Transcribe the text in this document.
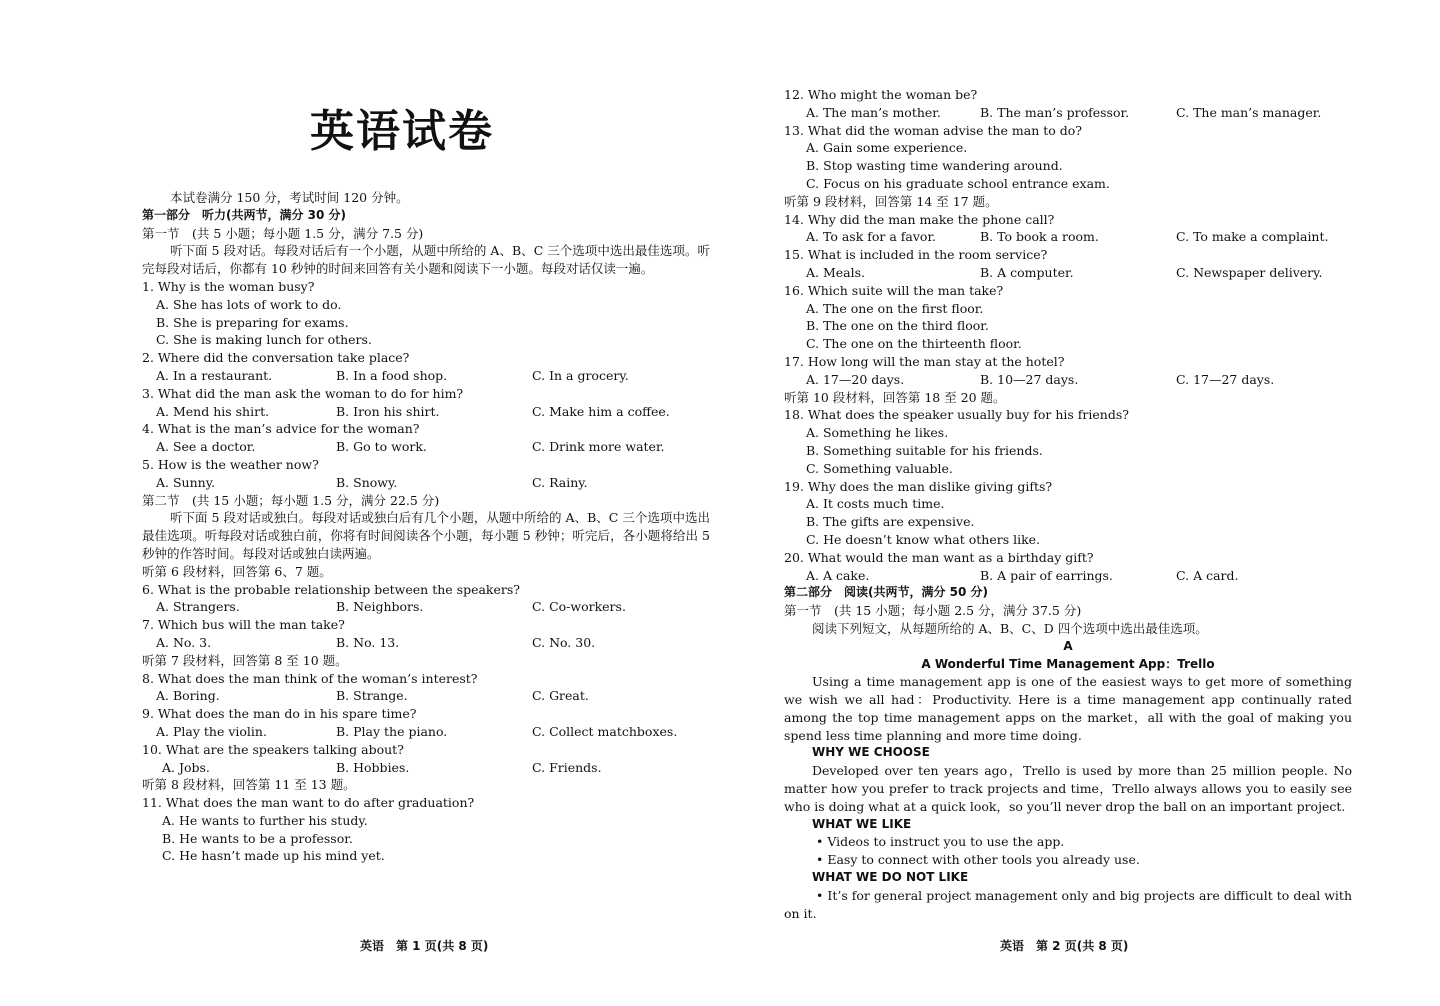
英语试卷
本试卷满分 150 分，考试时间 120 分钟。
第一部分　听力(共两节，满分 30 分)
第一节　(共 5 小题；每小题 1.5 分，满分 7.5 分)
听下面 5 段对话。每段对话后有一个小题，从题中所给的 A、B、C 三个选项中选出最佳选项。听完每段对话后，你都有 10 秒钟的时间来回答有关小题和阅读下一小题。每段对话仅读一遍。
1. Why is the woman busy?
A. She has lots of work to do.
B. She is preparing for exams.
C. She is making lunch for others.
2. Where did the conversation take place?
A. In a restaurant.	B. In a food shop.	C. In a grocery.
3. What did the man ask the woman to do for him?
A. Mend his shirt.	B. Iron his shirt.	C. Make him a coffee.
4. What is the man’s advice for the woman?
A. See a doctor.	B. Go to work.	C. Drink more water.
5. How is the weather now?
A. Sunny.	B. Snowy.	C. Rainy.
第二节　(共 15 小题；每小题 1.5 分，满分 22.5 分)
听下面 5 段对话或独白。每段对话或独白后有几个小题，从题中所给的 A、B、C 三个选项中选出最佳选项。听每段对话或独白前，你将有时间阅读各个小题，每小题 5 秒钟；听完后，各小题将给出 5 秒钟的作答时间。每段对话或独白读两遍。
听第 6 段材料，回答第 6、7 题。
6. What is the probable relationship between the speakers?
A. Strangers.	B. Neighbors.	C. Co-workers.
7. Which bus will the man take?
A. No. 3.	B. No. 13.	C. No. 30.
听第 7 段材料，回答第 8 至 10 题。
8. What does the man think of the woman’s interest?
A. Boring.	B. Strange.	C. Great.
9. What does the man do in his spare time?
A. Play the violin.	B. Play the piano.	C. Collect matchboxes.
10. What are the speakers talking about?
A. Jobs.	B. Hobbies.	C. Friends.
听第 8 段材料，回答第 11 至 13 题。
11. What does the man want to do after graduation?
A. He wants to further his study.
B. He wants to be a professor.
C. He hasn’t made up his mind yet.
英语　第 1 页(共 8 页)
12. Who might the woman be?
A. The man’s mother.	B. The man’s professor.	C. The man’s manager.
13. What did the woman advise the man to do?
A. Gain some experience.
B. Stop wasting time wandering around.
C. Focus on his graduate school entrance exam.
听第 9 段材料，回答第 14 至 17 题。
14. Why did the man make the phone call?
A. To ask for a favor.	B. To book a room.	C. To make a complaint.
15. What is included in the room service?
A. Meals.	B. A computer.	C. Newspaper delivery.
16. Which suite will the man take?
A. The one on the first floor.
B. The one on the third floor.
C. The one on the thirteenth floor.
17. How long will the man stay at the hotel?
A. 17—20 days.	B. 10—27 days.	C. 17—27 days.
听第 10 段材料，回答第 18 至 20 题。
18. What does the speaker usually buy for his friends?
A. Something he likes.
B. Something suitable for his friends.
C. Something valuable.
19. Why does the man dislike giving gifts?
A. It costs much time.
B. The gifts are expensive.
C. He doesn’t know what others like.
20. What would the man want as a birthday gift?
A. A cake.	B. A pair of earrings.	C. A card.
第二部分　阅读(共两节，满分 50 分)
第一节　(共 15 小题；每小题 2.5 分，满分 37.5 分)
阅读下列短文，从每题所给的 A、B、C、D 四个选项中选出最佳选项。
A
A Wonderful Time Management App：Trello
Using a time management app is one of the easiest ways to get more of something we wish we all had：Productivity. Here is a time management app continually rated among the top time management apps on the market，all with the goal of making you spend less time planning and more time doing.
WHY WE CHOOSE
Developed over ten years ago，Trello is used by more than 25 million people. No matter how you prefer to track projects and time，Trello always allows you to easily see who is doing what at a quick look，so you’ll never drop the ball on an important project.
WHAT WE LIKE
• Videos to instruct you to use the app.
• Easy to connect with other tools you already use.
WHAT WE DO NOT LIKE
• It’s for general project management only and big projects are difficult to deal with on it.
英语　第 2 页(共 8 页)
